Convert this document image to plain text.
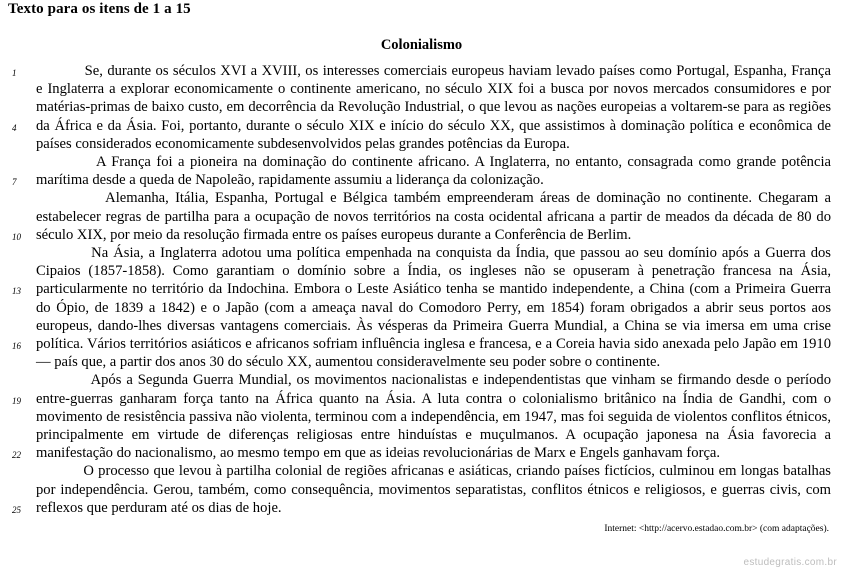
Texto para os itens de 1 a 15
Colonialismo
1	Se, durante os séculos XVI a XVIII, os interesses comerciais europeus haviam levado países como Portugal, Espanha, França
e Inglaterra a explorar economicamente o continente americano, no século XIX foi a busca por novos mercados consumidores e por
matérias-primas de baixo custo, em decorrência da Revolução Industrial, o que levou as nações europeias a voltarem-se para as regiões
4	da África e da Ásia. Foi, portanto, durante o século XIX e início do século XX, que assistimos à dominação política e econômica de
países considerados economicamente subdesenvolvidos pelas grandes potências da Europa.
A França foi a pioneira na dominação do continente africano. A Inglaterra, no entanto, consagrada como grande potência
7	marítima desde a queda de Napoleão, rapidamente assumiu a liderança da colonização.
Alemanha, Itália, Espanha, Portugal e Bélgica também empreenderam áreas de dominação no continente. Chegaram a
estabelecer regras de partilha para a ocupação de novos territórios na costa ocidental africana a partir de meados da década de 80 do
10	século XIX, por meio da resolução firmada entre os países europeus durante a Conferência de Berlim.
Na Ásia, a Inglaterra adotou uma política empenhada na conquista da Índia, que passou ao seu domínio após a Guerra dos
Cipaios (1857-1858). Como garantiam o domínio sobre a Índia, os ingleses não se opuseram à penetração francesa na Ásia,
13	particularmente no território da Indochina. Embora o Leste Asiático tenha se mantido independente, a China (com a Primeira Guerra
do Ópio, de 1839 a 1842) e o Japão (com a ameaça naval do Comodoro Perry, em 1854) foram obrigados a abrir seus portos aos
europeus, dando-lhes diversas vantagens comerciais. Às vésperas da Primeira Guerra Mundial, a China se via imersa em uma crise
16	política. Vários territórios asiáticos e africanos sofriam influência inglesa e francesa, e a Coreia havia sido anexada pelo Japão em 1910
— país que, a partir dos anos 30 do século XX, aumentou consideravelmente seu poder sobre o continente.
Após a Segunda Guerra Mundial, os movimentos nacionalistas e independentistas que vinham se firmando desde o período
19	entre-guerras ganharam força tanto na África quanto na Ásia. A luta contra o colonialismo britânico na Índia de Gandhi, com o
movimento de resistência passiva não violenta, terminou com a independência, em 1947, mas foi seguida de violentos conflitos étnicos,
principalmente em virtude de diferenças religiosas entre hinduístas e muçulmanos. A ocupação japonesa na Ásia favorecia a
22	manifestação do nacionalismo, ao mesmo tempo em que as ideias revolucionárias de Marx e Engels ganhavam força.
O processo que levou à partilha colonial de regiões africanas e asiáticas, criando países fictícios, culminou em longas batalhas
por independência. Gerou, também, como consequência, movimentos separatistas, conflitos étnicos e religiosos, e guerras civis, com
25	reflexos que perduram até os dias de hoje.
Internet: <http://acervo.estadao.com.br> (com adaptações).
estudegratis.com.br
